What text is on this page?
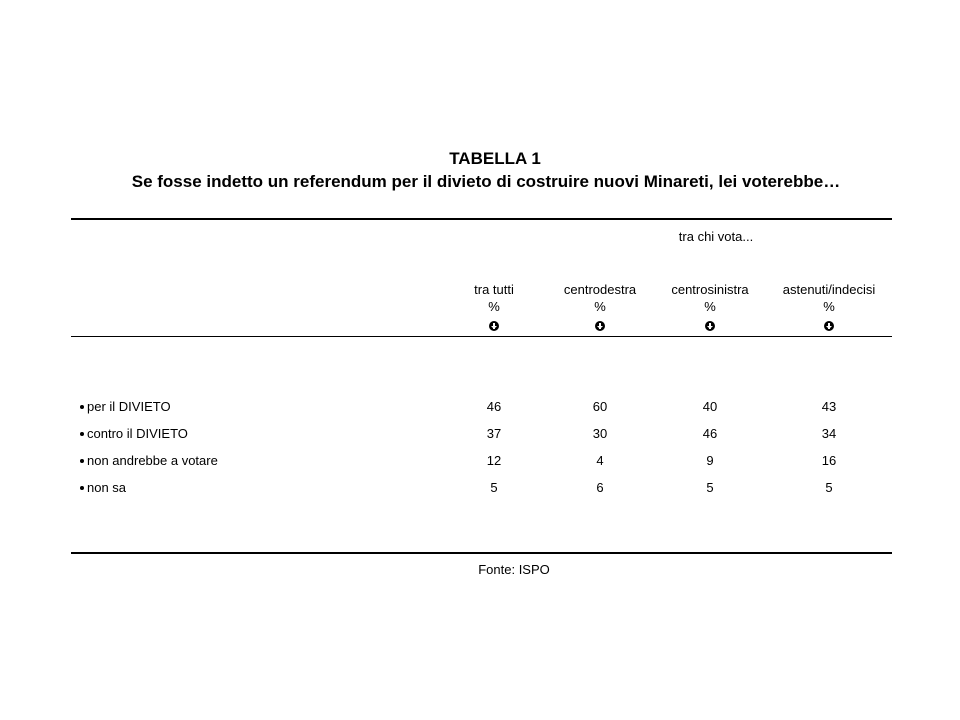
TABELLA 1
Se fosse indetto un referendum per il divieto di costruire nuovi Minareti, lei voterebbe…
tra chi vota...
tra tutti	centrodestra	centrosinistra	astenuti/indecisi
%	%	%	%
per il DIVIETO	46	60	40	43
contro il DIVIETO	37	30	46	34
non andrebbe a votare	12	4	9	16
non sa	5	6	5	5
Fonte: ISPO
